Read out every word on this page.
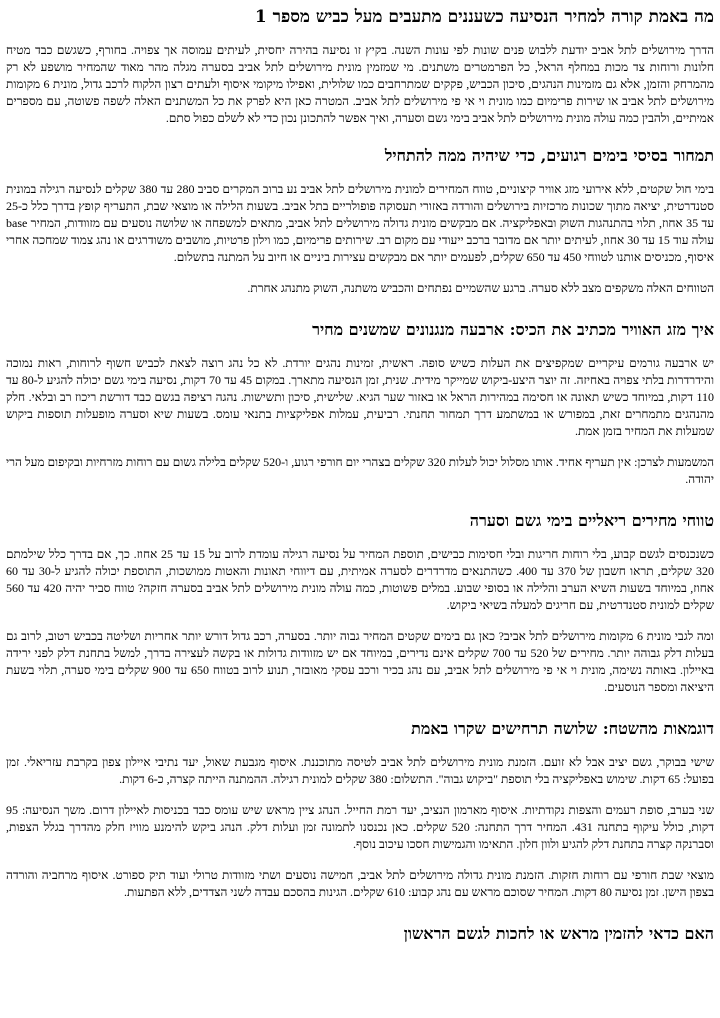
מה באמת קורה למחיר הנסיעה כשעננים מתעבים מעל כביש מספר 1

הדרך מירושלים לתל אביב יודעת ללבוש פנים שונות לפי עונות השנה. בקיץ זו נסיעה בהירה יחסית, לעיתים עמוסה אך צפויה. בחורף, כשגשם כבד מטיח חלונות ורוחות צד מכות במחלף הראל, כל הפרמטרים משתנים. מי שמזמין מונית מירושלים לתל אביב בסערה מגלה מהר מאוד שהמחיר מושפע לא רק מהמרחק והזמן, אלא גם מזמינות הנהגים, סיכון הכביש, פקקים שמתרחבים כמו שלולית, ואפילו מיקומי איסוף ולעתים רצון הלקוח לרכב גדול, מונית 6 מקומות מירושלים לתל אביב או שירות פרימיום כמו מונית וי אי פי מירושלים לתל אביב. המטרה כאן היא לפרק את כל המשתנים האלה לשפה פשוטה, עם מספרים אמיתיים, ולהבין כמה עולה מונית מירושלים לתל אביב בימי גשם וסערה, ואיך אפשר להתכונן נכון כדי לא לשלם כפול סתם.

תמחור בסיסי בימים רגועים, כדי שיהיה ממה להתחיל

בימי חול שקטים, ללא אירועי מזג אוויר קיצוניים, טווח המחירים למונית מירושלים לתל אביב נע ברוב המקרים סביב 280 עד 380 שקלים לנסיעה רגילה במונית סטנדרטית, יציאה מתוך שכונות מרכזיות בירושלים והורדה באזורי תעסוקה פופולריים בתל אביב. בשעות הלילה או מוצאי שבת, התעריף קופץ בדרך כלל כ-25 עד 35 אחוז, תלוי בהתנהגות השוק ובאפליקציה. אם מבקשים מונית גדולה מירושלים לתל אביב, מתאים למשפחה או שלושה נוסעים עם מזוודות, המחיר base עולה עוד 15 עד 30 אחוז, לעיתים יותר אם מדובר ברכב ייעודי עם מקום רב. שירותים פרימיום, כמו וילון פרטיות, מושבים משודרגים או נהג צמוד שמחכה אחרי איסוף, מכניסים אותנו לטווחי 450 עד 650 שקלים, לפעמים יותר אם מבקשים עצירות ביניים או חיוב על המתנה בתשלום.

הטווחים האלה משקפים מצב ללא סערה. ברגע שהשמיים נפתחים והכביש משתנה, השוק מתנהג אחרת.

איך מזג האוויר מכתיב את הכיס: ארבעה מנגנונים שמשנים מחיר

יש ארבעה גורמים עיקריים שמקפיצים את העלות כשיש סופה. ראשית, זמינות נהגים יורדת. לא כל נהג רוצה לצאת לכביש חשוף לרוחות, ראות נמוכה והידרדרות בלתי צפויה באחיזה. זה יוצר היצע-ביקוש שמייקר מידית. שנית, זמן הנסיעה מתארך. במקום 45 עד 70 דקות, נסיעה בימי גשם יכולה להגיע ל-80 עד 110 דקות, במיוחד כשיש תאונה או חסימה במהירות הראל או באזור שער הגיא. שלישית, סיכון ותשישות. נהגה רציפה בגשם כבד דורשת ריכוז רב ובלאי. חלק מהנהגים מתמחרים זאת, במפורש או במשתמע דרך תמחור תחנתי. רביעית, עמלות אפליקציות בתנאי עומס. בשעות שיא וסערה מופעלות תוספות ביקוש שמעלות את המחיר בזמן אמת.

המשמעות לצרכן: אין תעריף אחיד. אותו מסלול יכול לעלות 320 שקלים בצהרי יום חורפי רגוע, ו-520 שקלים בלילה גשום עם רוחות מזרחיות ובקיפום מעל הרי יהודה.

טווחי מחירים ריאליים בימי גשם וסערה

כשנכנסים לגשם קבוע, בלי רוחות חריגות ובלי חסימות כבישים, תוספת המחיר על נסיעה רגילה עומדת לרוב על 15 עד 25 אחוז. כך, אם בדרך כלל שילמתם 320 שקלים, תראו חשבון של 370 עד 400. כשהתנאים מדרדרים לסערה אמיתית, עם דיווחי תאונות והאטות ממושכות, התוספת יכולה להגיע ל-30 עד 60 אחוז, במיוחד בשעות השיא הערב והלילה או בסופי שבוע. במלים פשוטות, כמה עולה מונית מירושלים לתל אביב בסערה חזקה? טווח סביר יהיה 420 עד 560 שקלים למונית סטנדרטית, עם חריגים למעלה בשיאי ביקוש.

ומה לגבי מונית 6 מקומות מירושלים לתל אביב? כאן גם בימים שקטים המחיר גבוה יותר. בסערה, רכב גדול דורש יותר אחריות ושליטה בכביש רטוב, לרוב גם בעלות דלק גבוהה יותר. מחירים של 520 עד 700 שקלים אינם נדירים, במיוחד אם יש מזוודות גדולות או בקשה לעצירה בדרך, למשל בתחנת דלק לפני ירידה באיילון. באותה נשימה, מונית וי אי פי מירושלים לתל אביב, עם נהג בכיר ורכב עסקי מאובזר, תנוע לרוב בטווח 650 עד 900 שקלים בימי סערה, תלוי בשעת היציאה ומספר הנוסעים.

דוגמאות מהשטח: שלושה תרחישים שקרו באמת

שישי בבוקר, גשם יציב אבל לא זועם. הזמנת מונית מירושלים לתל אביב לטיסה מתוכננת. איסוף מגבעת שאול, יעד נתיבי איילון צפון בקרבת עזריאלי. זמן בפועל: 65 דקות. שימוש באפליקציה בלי תוספת "ביקוש גבוה". התשלום: 380 שקלים למונית רגילה. ההמתנה הייתה קצרה, כ-6 דקות.

שני בערב, סופת רעמים והצפות נקודתיות. איסוף מארמון הנציב, יעד רמת החייל. הנהג ציין מראש שיש עומס כבד בכניסות לאיילון דרום. משך הנסיעה: 95 דקות, כולל עיקוף בתחנה 431. המחיר דרך התחנה: 520 שקלים. כאן נכנסנו לתמונה זמן ועלות דלק. הנהג ביקש להימנע מוויז חלק מהדרך בגלל הצפות, וסברנקה קצרה בתחנת דלק להגיע ולוון חלון. התאימו והגמישות חסכו עיכוב נוסף.

מוצאי שבת חורפי עם רוחות חזקות. הזמנת מונית גדולה מירושלים לתל אביב, חמישה נוסעים ושתי מזוודות טרולי ועוד תיק ספורט. איסוף מרחביה והורדה בצפון הישן. זמן נסיעה 80 דקות. המחיר שסוכם מראש עם נהג קבוע: 610 שקלים. הגינות בהסכם עבדה לשני הצדדים, ללא הפתעות.

האם כדאי להזמין מראש או לחכות לגשם הראשון
